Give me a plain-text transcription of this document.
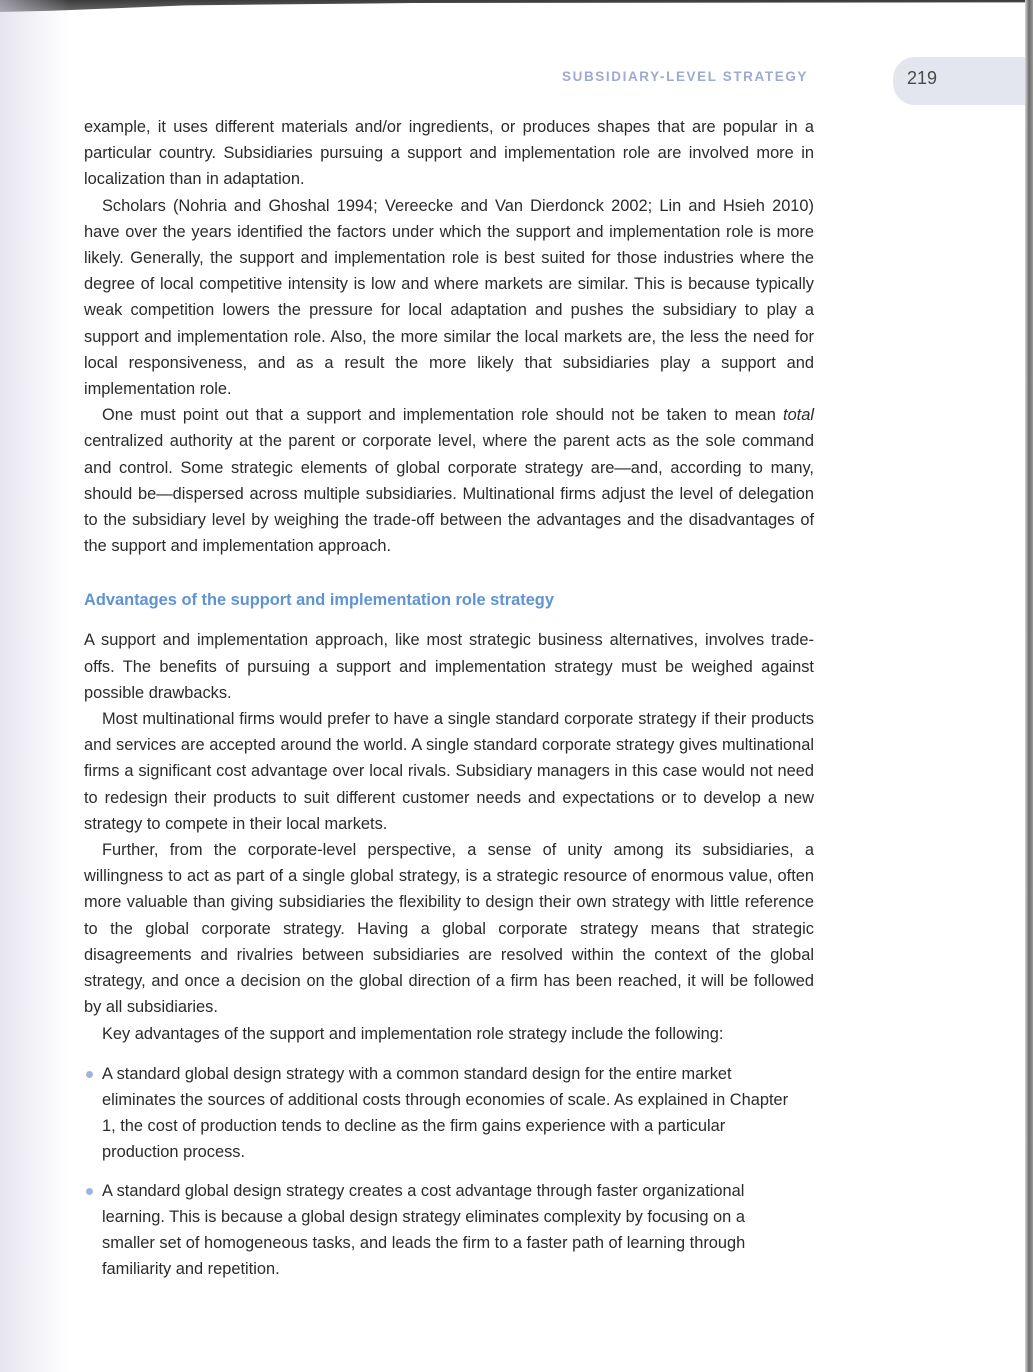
SUBSIDIARY-LEVEL STRATEGY	219

example, it uses different materials and/or ingredients, or produces shapes that are popular in a particular country. Subsidiaries pursuing a support and implementation role are involved more in localization than in adaptation.

Scholars (Nohria and Ghoshal 1994; Vereecke and Van Dierdonck 2002; Lin and Hsieh 2010) have over the years identified the factors under which the support and implementation role is more likely. Generally, the support and implementation role is best suited for those industries where the degree of local competitive intensity is low and where markets are similar. This is because typically weak competition lowers the pressure for local adaptation and pushes the subsidiary to play a support and implementation role. Also, the more similar the local markets are, the less the need for local responsiveness, and as a result the more likely that subsidiaries play a support and implementation role.

One must point out that a support and implementation role should not be taken to mean total centralized authority at the parent or corporate level, where the parent acts as the sole command and control. Some strategic elements of global corporate strategy are—and, according to many, should be—dispersed across multiple subsidiaries. Multinational firms adjust the level of delegation to the subsidiary level by weighing the trade-off between the advantages and the disadvantages of the support and implementation approach.

Advantages of the support and implementation role strategy

A support and implementation approach, like most strategic business alternatives, involves trade-offs. The benefits of pursuing a support and implementation strategy must be weighed against possible drawbacks.

Most multinational firms would prefer to have a single standard corporate strategy if their products and services are accepted around the world. A single standard corporate strategy gives multinational firms a significant cost advantage over local rivals. Subsidiary managers in this case would not need to redesign their products to suit different customer needs and expectations or to develop a new strategy to compete in their local markets.

Further, from the corporate-level perspective, a sense of unity among its subsidiaries, a willingness to act as part of a single global strategy, is a strategic resource of enormous value, often more valuable than giving subsidiaries the flexibility to design their own strategy with little reference to the global corporate strategy. Having a global corporate strategy means that strategic disagreements and rivalries between subsidiaries are resolved within the context of the global strategy, and once a decision on the global direction of a firm has been reached, it will be followed by all subsidiaries.

Key advantages of the support and implementation role strategy include the following:

A standard global design strategy with a common standard design for the entire market eliminates the sources of additional costs through economies of scale. As explained in Chapter 1, the cost of production tends to decline as the firm gains experience with a particular production process.
A standard global design strategy creates a cost advantage through faster organizational learning. This is because a global design strategy eliminates complexity by focusing on a smaller set of homogeneous tasks, and leads the firm to a faster path of learning through familiarity and repetition.
